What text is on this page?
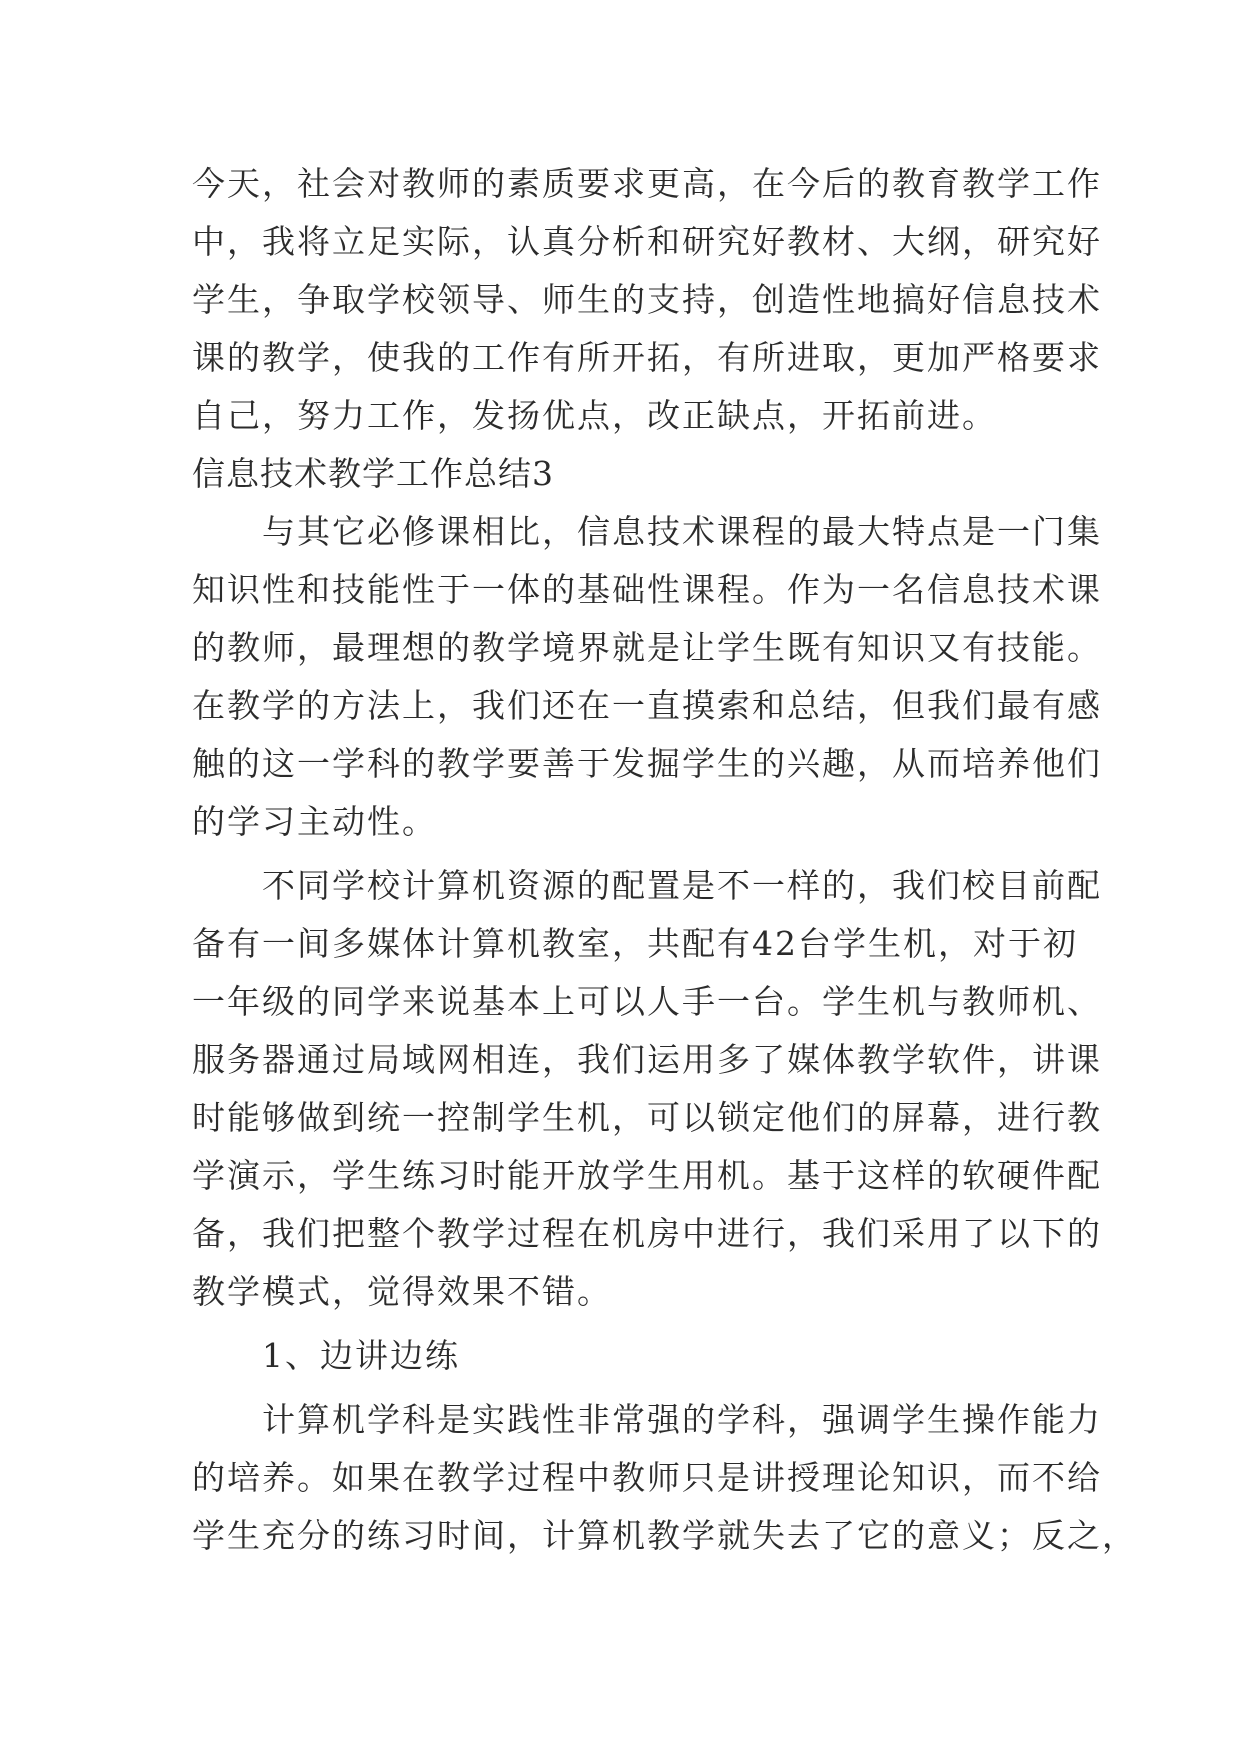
今天，社会对教师的素质要求更高，在今后的教育教学工作
中，我将立足实际，认真分析和研究好教材、大纲，研究好
学生，争取学校领导、师生的支持，创造性地搞好信息技术
课的教学，使我的工作有所开拓，有所进取，更加严格要求
自己，努力工作，发扬优点，改正缺点，开拓前进。
信息技术教学工作总结3
　　与其它必修课相比，信息技术课程的最大特点是一门集
知识性和技能性于一体的基础性课程。作为一名信息技术课
的教师，最理想的教学境界就是让学生既有知识又有技能。
在教学的方法上，我们还在一直摸索和总结，但我们最有感
触的这一学科的教学要善于发掘学生的兴趣，从而培养他们
的学习主动性。
　　不同学校计算机资源的配置是不一样的，我们校目前配
备有一间多媒体计算机教室，共配有42台学生机，对于初
一年级的同学来说基本上可以人手一台。学生机与教师机、
服务器通过局域网相连，我们运用多了媒体教学软件，讲课
时能够做到统一控制学生机，可以锁定他们的屏幕，进行教
学演示，学生练习时能开放学生用机。基于这样的软硬件配
备，我们把整个教学过程在机房中进行，我们采用了以下的
教学模式，觉得效果不错。
　　1、边讲边练
　　计算机学科是实践性非常强的学科，强调学生操作能力
的培养。如果在教学过程中教师只是讲授理论知识，而不给
学生充分的练习时间，计算机教学就失去了它的意义；反之，
